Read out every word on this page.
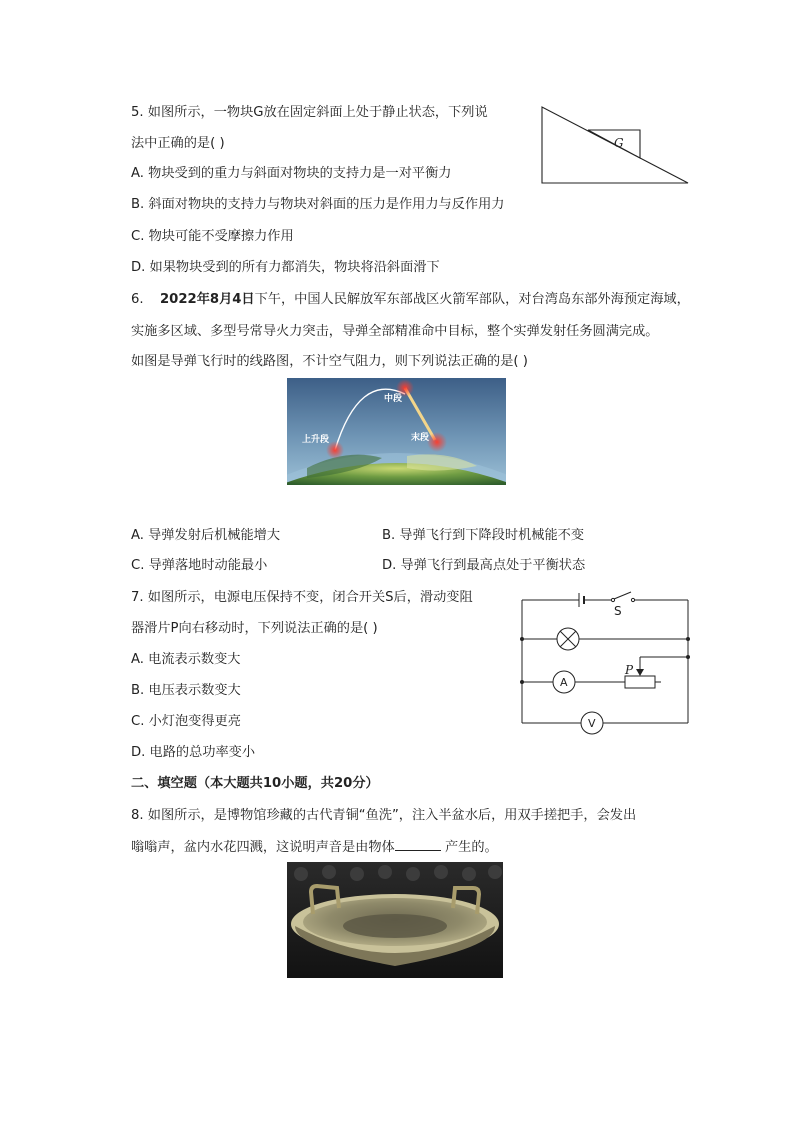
5. 如图所示，一物块G放在固定斜面上处于静止状态，下列说
法中正确的是( )
A. 物块受到的重力与斜面对物块的支持力是一对平衡力
B. 斜面对物块的支持力与物块对斜面的压力是作用力与反作用力
C. 物块可能不受摩擦力作用
D. 如果物块受到的所有力都消失，物块将沿斜面滑下
G
6. 2022年8月4日下午，中国人民解放军东部战区火箭军部队，对台湾岛东部外海预定海域，
实施多区域、多型号常导火力突击，导弹全部精准命中目标，整个实弹发射任务圆满完成。
如图是导弹飞行时的线路图，不计空气阻力，则下列说法正确的是( )
中段
上升段	末段
A. 导弹发射后机械能增大	B. 导弹飞行到下降段时机械能不变
C. 导弹落地时动能最小	D. 导弹飞行到最高点处于平衡状态
7. 如图所示，电源电压保持不变，闭合开关S后，滑动变阻
器滑片P向右移动时，下列说法正确的是( )
A. 电流表示数变大
B. 电压表示数变大
C. 小灯泡变得更亮
D. 电路的总功率变小
S
P
A
V
二、填空题（本大题共10小题，共20分）
8. 如图所示，是博物馆珍藏的古代青铜“鱼洗”，注入半盆水后，用双手搓把手，会发出
嗡嗡声，盆内水花四溅，这说明声音是由物体	产生的。
